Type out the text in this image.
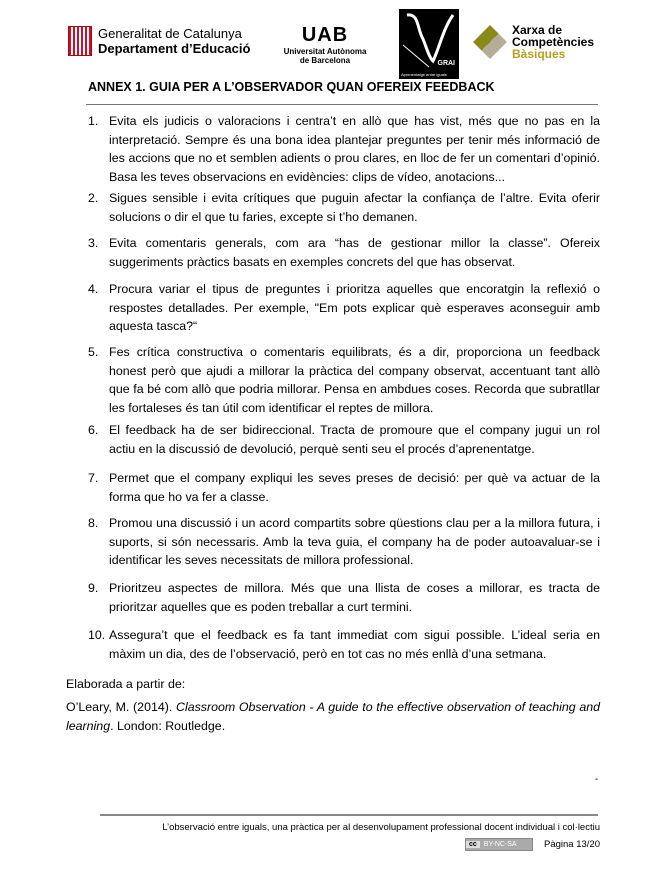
Generalitat de Catalunya
Departament d’Educació
UAB
Universitat Autònoma
de Barcelona	GRAI
Aprenentatge entre iguals
Xarxa de
Competències
Bàsiques
ANNEX 1. GUIA PER A L’OBSERVADOR QUAN OFEREIX FEEDBACK
1. Evita els judicis o valoracions i centra’t en allò que has vist, més que no pas en la interpretació. Sempre és una bona idea plantejar preguntes per tenir més informació de les accions que no et semblen adients o prou clares, en lloc de fer un comentari d’opinió. Basa les teves observacions en evidències: clips de vídeo, anotacions...
2. Sigues sensible i evita crítiques que puguin afectar la confiança de l’altre. Evita oferir solucions o dir el que tu faries, excepte si t’ho demanen.
3. Evita comentaris generals, com ara “has de gestionar millor la classe”. Ofereix suggeriments pràctics basats en exemples concrets del que has observat.
4. Procura variar el tipus de preguntes i prioritza aquelles que encoratgin la reflexió o respostes detallades. Per exemple, "Em pots explicar què esperaves aconseguir amb aquesta tasca?“
5. Fes crítica constructiva o comentaris equilibrats, és a dir, proporciona un feedback honest però que ajudi a millorar la pràctica del company observat, accentuant tant allò que fa bé com allò que podria millorar. Pensa en ambdues coses. Recorda que subratllar les fortaleses és tan útil com identificar el reptes de millora.
6. El feedback ha de ser bidireccional. Tracta de promoure que el company jugui un rol actiu en la discussió de devolució, perquè senti seu el procés d’aprenentatge.
7. Permet que el company expliqui les seves preses de decisió: per què va actuar de la forma que ho va fer a classe.
8. Promou una discussió i un acord compartits sobre qüestions clau per a la millora futura, i suports, si són necessaris. Amb la teva guia, el company ha de poder autoavaluar-se i identificar les seves necessitats de millora professional.
9. Prioritzeu aspectes de millora. Més que una llista de coses a millorar, es tracta de prioritzar aquelles que es poden treballar a curt termini.
10. Assegura’t que el feedback es fa tant immediat com sigui possible. L’ideal seria en màxim un dia, des de l’observació, però en tot cas no més enllà d’una setmana.
Elaborada a partir de:
O’Leary, M. (2014). Classroom Observation - A guide to the effective observation of teaching and learning. London: Routledge.
-
L’observació entre iguals, una pràctica per al desenvolupament professional docent individual i col·lectiu
cc	BY-NC-SA	Pàgina 13/20
